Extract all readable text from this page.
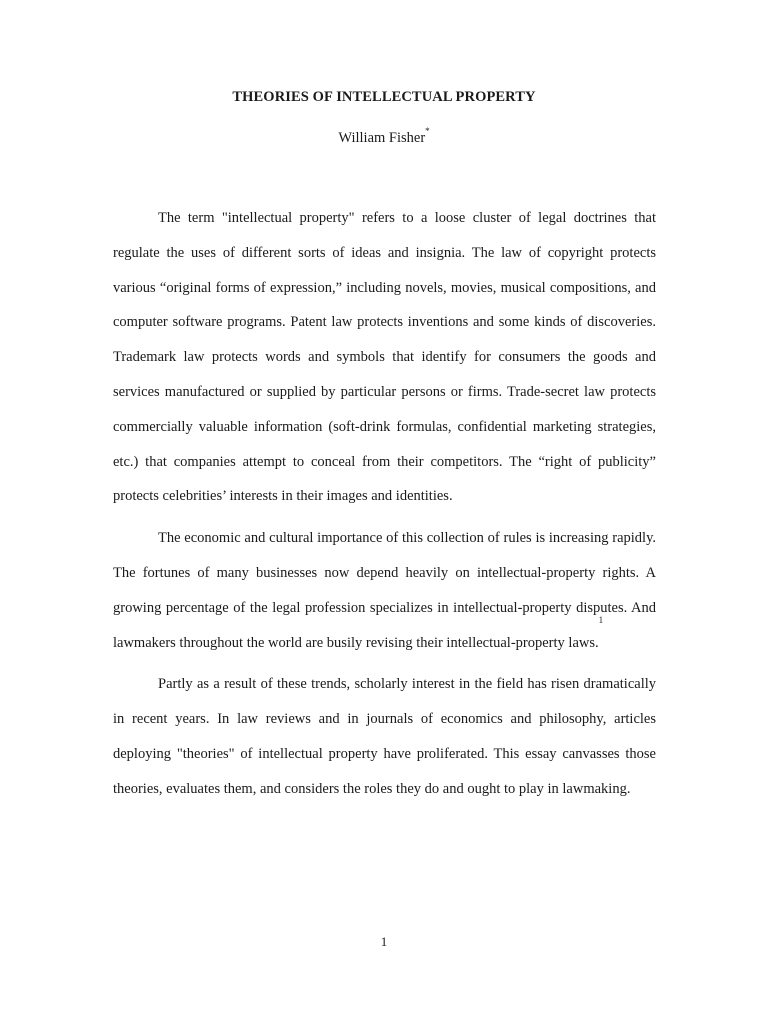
THEORIES OF INTELLECTUAL PROPERTY
William Fisher*

The term "intellectual property" refers to a loose cluster of legal doctrines that regulate the uses of different sorts of ideas and insignia. The law of copyright protects various “original forms of expression,” including novels, movies, musical compositions, and computer software programs. Patent law protects inventions and some kinds of discoveries. Trademark law protects words and symbols that identify for consumers the goods and services manufactured or supplied by particular persons or firms. Trade-secret law protects commercially valuable information (soft-drink formulas, confidential marketing strategies, etc.) that companies attempt to conceal from their competitors. The “right of publicity” protects celebrities’ interests in their images and identities.

The economic and cultural importance of this collection of rules is increasing rapidly. The fortunes of many businesses now depend heavily on intellectual-property rights. A growing percentage of the legal profession specializes in intellectual-property disputes. And lawmakers throughout the world are busily revising their intellectual-property laws.$^1$

Partly as a result of these trends, scholarly interest in the field has risen dramatically in recent years. In law reviews and in journals of economics and philosophy, articles deploying "theories" of intellectual property have proliferated. This essay canvasses those theories, evaluates them, and considers the roles they do and ought to play in lawmaking.

1
